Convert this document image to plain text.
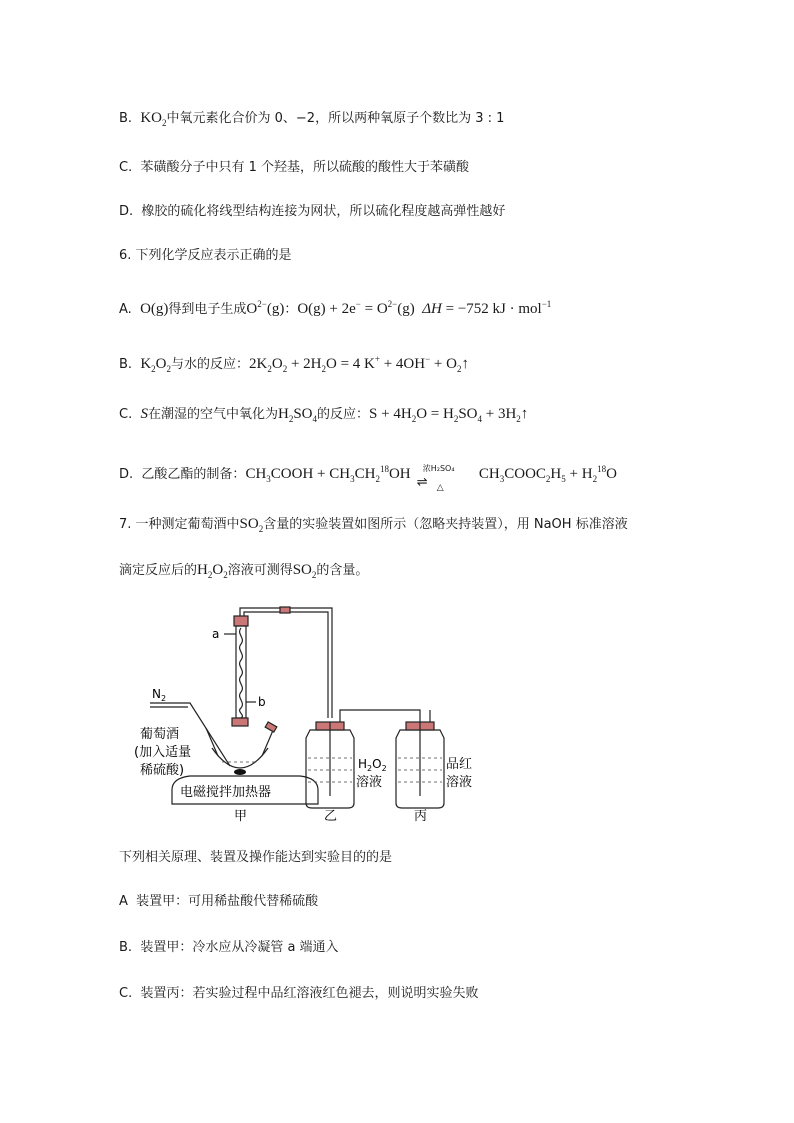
B. $KO_2$中氧元素化合价为 0、−2，所以两种氧原子个数比为 3 : 1
C. 苯磺酸分子中只有 1 个羟基，所以硫酸的酸性大于苯磺酸
D. 橡胶的硫化将线型结构连接为网状，所以硫化程度越高弹性越好
6. 下列化学反应表示正确的是
A. O(g)得到电子生成$O^{2-}(g)$：$O(g) + 2e^- = O^{2-}(g) \Delta H = -752$ kJ · mol$^{-1}$
B. $K_2O_2$与水的反应：$2K_2O_2 + 2H_2O = 4$ $K^+ + 4OH^- + O_2↑$
C. S在潮湿的空气中氧化为$H_2SO_4$的反应：$S + 4H_2O = H_2SO_4$ + $3H_2↑$
D. 乙酸乙酯的制备：$CH_3COOH + CH_3CH_2^{18}OH$ 浓H₂SO₄
⇌ △
$CH_3COOC_2H_5 + H_2^{18}O$
7. 一种测定葡萄酒中$SO_2$含量的实验装置如图所示（忽略夹持装置），用 NaOH 标准溶液
滴定反应后的$H_2O_2$溶液可测得$SO_2$的含量。
a
b
$N_2$
葡萄酒
(加入适量
稀硫酸)
电磁搅拌加热器
$H_2O_2$
溶液
品红
溶液
甲	乙	丙
下列相关原理、装置及操作能达到实验目的的是
A 装置甲：可用稀盐酸代替稀硫酸
B. 装置甲：冷水应从冷凝管 a 端通入
C. 装置丙：若实验过程中品红溶液红色褪去，则说明实验失败
